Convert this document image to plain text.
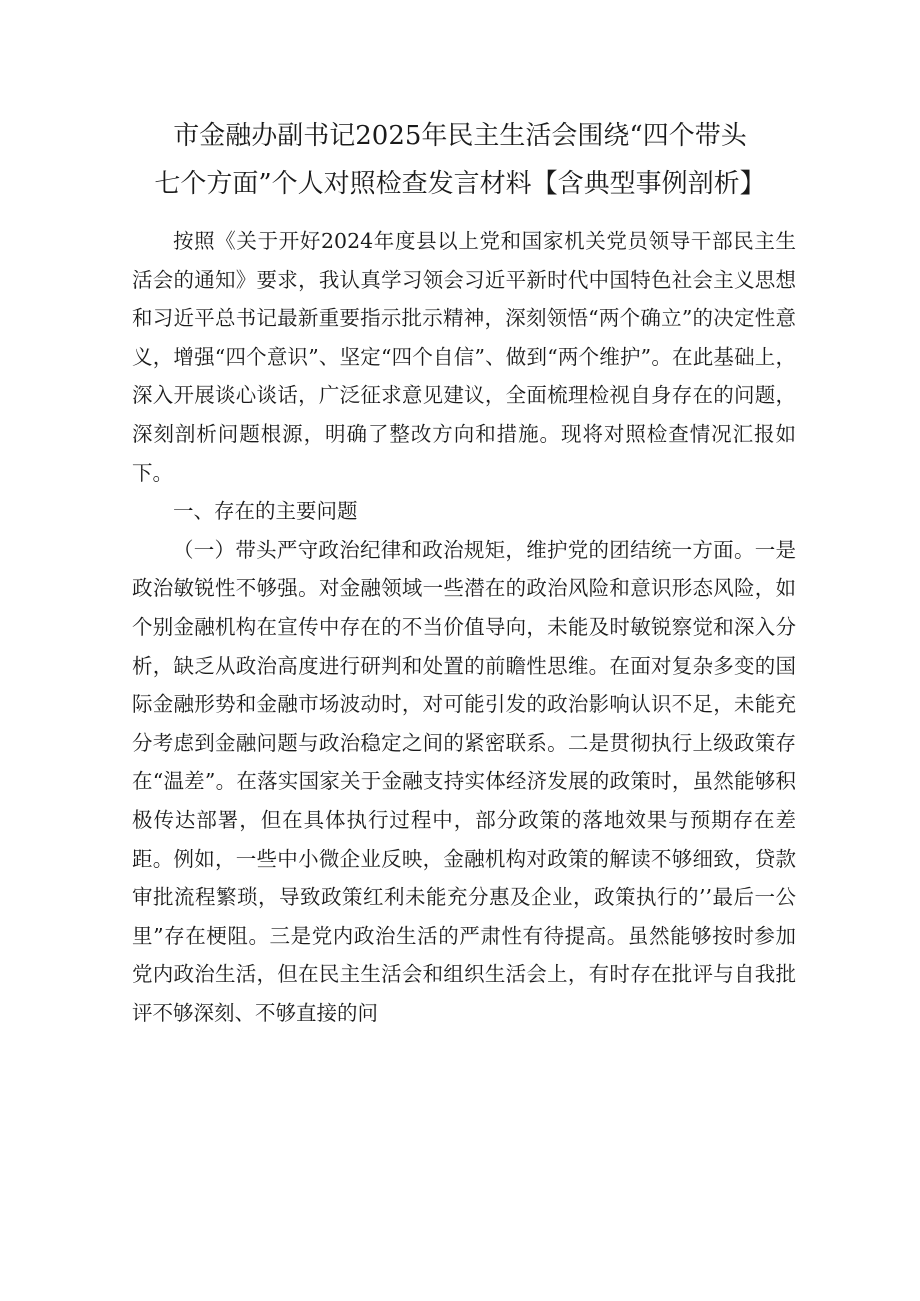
市金融办副书记2025年民主生活会围绕“四个带头
七个方面”个人对照检查发言材料【含典型事例剖析】

按照《关于开好2024年度县以上党和国家机关党员领导干部民主生活会的通知》要求，我认真学习领会习近平新时代中国特色社会主义思想和习近平总书记最新重要指示批示精神，深刻领悟“两个确立”的决定性意义，增强“四个意识”、坚定“四个自信”、做到“两个维护”。在此基础上，深入开展谈心谈话，广泛征求意见建议，全面梳理检视自身存在的问题，深刻剖析问题根源，明确了整改方向和措施。现将对照检查情况汇报如下。

一、存在的主要问题

（一）带头严守政治纪律和政治规矩，维护党的团结统一方面。一是政治敏锐性不够强。对金融领域一些潜在的政治风险和意识形态风险，如个别金融机构在宣传中存在的不当价值导向，未能及时敏锐察觉和深入分析，缺乏从政治高度进行研判和处置的前瞻性思维。在面对复杂多变的国际金融形势和金融市场波动时，对可能引发的政治影响认识不足，未能充分考虑到金融问题与政治稳定之间的紧密联系。二是贯彻执行上级政策存在“温差”。在落实国家关于金融支持实体经济发展的政策时，虽然能够积极传达部署，但在具体执行过程中，部分政策的落地效果与预期存在差距。例如，一些中小微企业反映，金融机构对政策的解读不够细致，贷款审批流程繁琐，导致政策红利未能充分惠及企业，政策执行的’’最后一公里”存在梗阻。三是党内政治生活的严肃性有待提高。虽然能够按时参加党内政治生活，但在民主生活会和组织生活会上，有时存在批评与自我批评不够深刻、不够直接的问
